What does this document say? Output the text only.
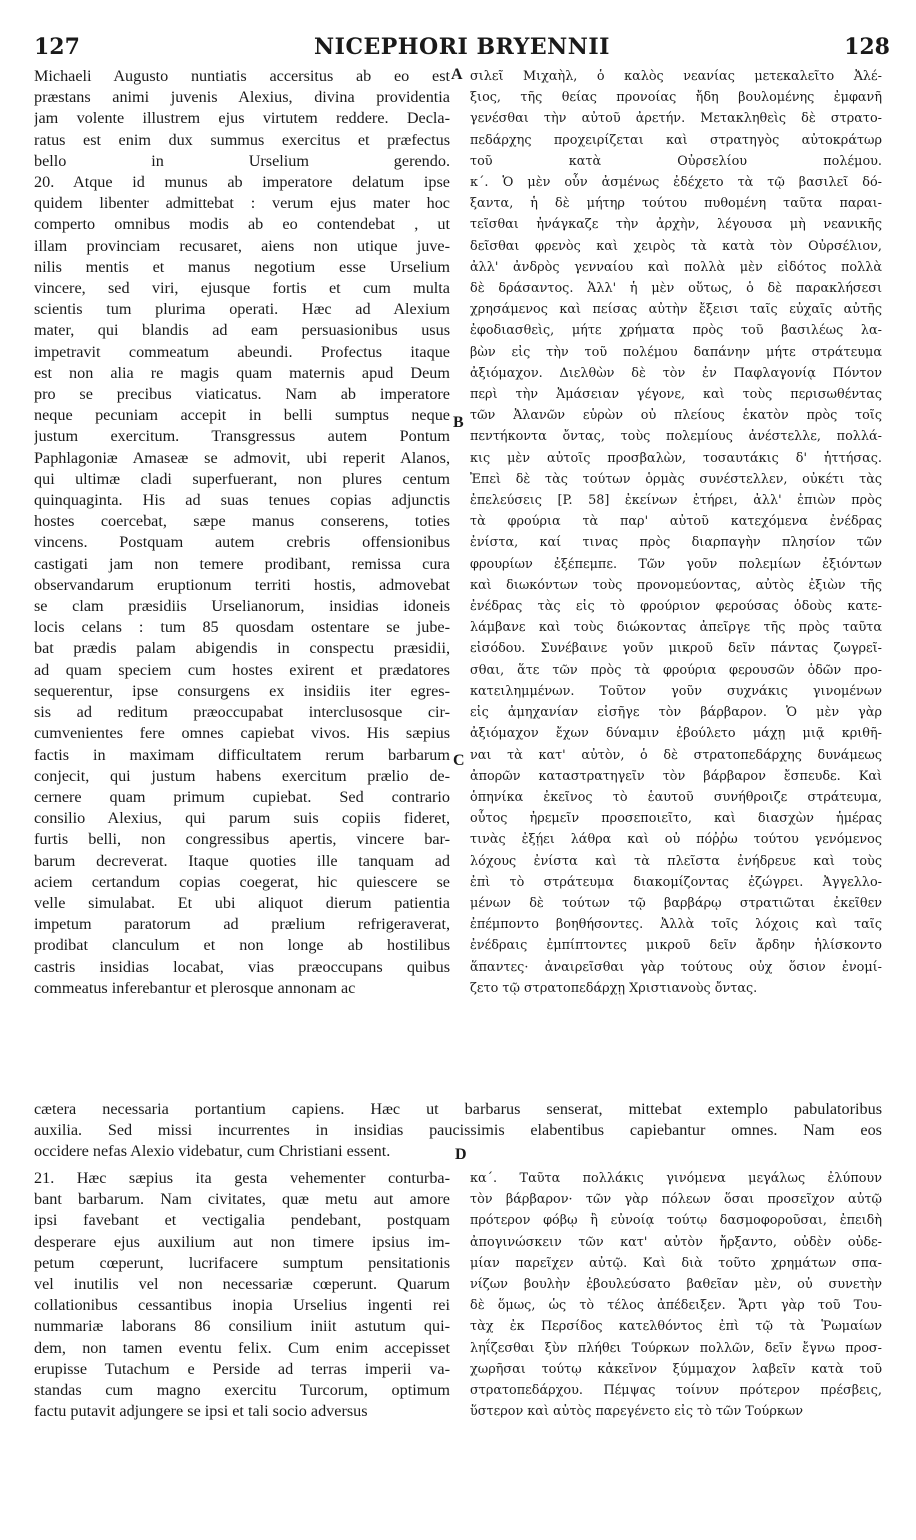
127	NICEPHORI BRYENNII	128
Michaeli Augusto nuntiatis accersitus ab eo est
præstans animi juvenis Alexius, divina providentia
jam volente illustrem ejus virtutem reddere. Decla-
ratus est enim dux summus exercitus et præfectus
bello in Urselium gerendo.
20. Atque id munus ab imperatore delatum ipse
quidem libenter admittebat : verum ejus mater hoc
comperto omnibus modis ab eo contendebat , ut
illam provinciam recusaret, aiens non utique juve-
nilis mentis et manus negotium esse Urselium
vincere, sed viri, ejusque fortis et cum multa
scientis tum plurima operati. Hæc ad Alexium
mater, qui blandis ad eam persuasionibus usus
impetravit commeatum abeundi. Profectus itaque
est non alia re magis quam maternis apud Deum
pro se precibus viaticatus. Nam ab imperatore
neque pecuniam accepit in belli sumptus neque
justum exercitum. Transgressus autem Pontum
Paphlagoniæ Amaseæ se admovit, ubi reperit Alanos,
qui ultimæ cladi superfuerant, non plures centum
quinquaginta. His ad suas tenues copias adjunctis
hostes coercebat, sæpe manus conserens, toties
vincens. Postquam autem crebris offensionibus
castigati jam non temere prodibant, remissa cura
observandarum eruptionum territi hostis, admovebat
se clam præsidiis Urselianorum, insidias idoneis
locis celans : tum 85 quosdam ostentare se jube-
bat prædis palam abigendis in conspectu præsidii,
ad quam speciem cum hostes exirent et prædatores
sequerentur, ipse consurgens ex insidiis iter egres-
sis ad reditum præoccupabat interclusosque cir-
cumvenientes fere omnes capiebat vivos. His sæpius
factis in maximam difficultatem rerum barbarum
conjecit, qui justum habens exercitum prælio de-
cernere quam primum cupiebat. Sed contrario
consilio Alexius, qui parum suis copiis fideret,
furtis belli, non congressibus apertis, vincere bar-
barum decreverat. Itaque quoties ille tanquam ad
aciem certandum copias coegerat, hic quiescere se
velle simulabat. Et ubi aliquot dierum patientia
impetum paratorum ad prælium refrigeraverat,
prodibat clanculum et non longe ab hostilibus
castris insidias locabat, vias præoccupans quibus
commeatus inferebantur et plerosque annonam ac
σιλεῖ Μιχαὴλ, ὁ καλὸς νεανίας μετεκαλεῖτο Ἀλέ-
ξιος, τῆς θείας προνοίας ἤδη βουλομένης ἐμφανῆ
γενέσθαι τὴν αὐτοῦ ἀρετήν. Μετακληθεὶς δὲ στρατο-
πεδάρχης προχειρίζεται καὶ στρατηγὸς αὐτοκράτωρ
τοῦ κατὰ Οὐρσελίου πολέμου.
κ΄. Ὁ μὲν οὖν ἀσμένως ἐδέχετο τὰ τῷ βασιλεῖ δό-
ξαντα, ἡ δὲ μήτηρ τούτου πυθομένη ταῦτα παραι-
τεῖσθαι ἠνάγκαζε τὴν ἀρχὴν, λέγουσα μὴ νεανικῆς
δεῖσθαι φρενὸς καὶ χειρὸς τὰ κατὰ τὸν Οὐρσέλιον,
ἀλλ' ἀνδρὸς γενναίου καὶ πολλὰ μὲν εἰδότος πολλὰ
δὲ δράσαντος. Ἀλλ' ἡ μὲν οὕτως, ὁ δὲ παρακλήσεσι
χρησάμενος καὶ πείσας αὐτὴν ἔξεισι ταῖς εὐχαῖς αὐτῆς
ἐφοδιασθεὶς, μήτε χρήματα πρὸς τοῦ βασιλέως λα-
βὼν εἰς τὴν τοῦ πολέμου δαπάνην μήτε στράτευμα
ἀξιόμαχον. Διελθὼν δὲ τὸν ἐν Παφλαγονίᾳ Πόντον
περὶ τὴν Ἀμάσειαν γέγονε, καὶ τοὺς περισωθέντας
τῶν Ἀλανῶν εὑρὼν οὐ πλείους ἑκατὸν πρὸς τοῖς
πεντήκοντα ὄντας, τοὺς πολεμίους ἀνέστελλε, πολλά-
κις μὲν αὐτοῖς προσβαλὼν, τοσαυτάκις δ' ἡττήσας.
Ἐπεὶ δὲ τὰς τούτων ὁρμὰς συνέστελλεν, οὐκέτι τὰς
ἐπελεύσεις [P. 58] ἐκείνων ἐτήρει, ἀλλ' ἐπιὼν πρὸς
τὰ φρούρια τὰ παρ' αὐτοῦ κατεχόμενα ἐνέδρας
ἐνίστα, καί τινας πρὸς διαρπαγὴν πλησίον τῶν
φρουρίων ἐξέπεμπε. Τῶν γοῦν πολεμίων ἐξιόντων
καὶ διωκόντων τοὺς προνομεύοντας, αὐτὸς ἐξιὼν τῆς
ἐνέδρας τὰς εἰς τὸ φρούριον φερούσας ὁδοὺς κατε-
λάμβανε καὶ τοὺς διώκοντας ἀπεῖργε τῆς πρὸς ταῦτα
εἰσόδου. Συνέβαινε γοῦν μικροῦ δεῖν πάντας ζωγρεῖ-
σθαι, ἅτε τῶν πρὸς τὰ φρούρια φερουσῶν ὁδῶν προ-
κατειλημμένων. Τοῦτον γοῦν συχνάκις γινομένων
εἰς ἀμηχανίαν εἰσῆγε τὸν βάρβαρον. Ὁ μὲν γὰρ
ἀξιόμαχον ἔχων δύναμιν ἐβούλετο μάχῃ μιᾷ κριθῆ-
ναι τὰ κατ' αὐτὸν, ὁ δὲ στρατοπεδάρχης δυνάμεως
ἀπορῶν καταστρατηγεῖν τὸν βάρβαρον ἔσπευδε. Καὶ
ὁπηνίκα ἐκεῖνος τὸ ἑαυτοῦ συνήθροιζε στράτευμα,
οὗτος ἠρεμεῖν προσεποιεῖτο, καὶ διασχὼν ἡμέρας
τινὰς ἐξῄει λάθρα καὶ οὐ πόῤῥω τούτου γενόμενος
λόχους ἐνίστα καὶ τὰ πλεῖστα ἐνήδρευε καὶ τοὺς
ἐπὶ τὸ στράτευμα διακομίζοντας ἐζώγρει. Ἀγγελλο-
μένων δὲ τούτων τῷ βαρβάρῳ στρατιῶται ἐκεῖθεν
ἐπέμποντο βοηθήσοντες. Ἀλλὰ τοῖς λόχοις καὶ ταῖς
ἐνέδραις ἐμπίπτοντες μικροῦ δεῖν ἄρδην ἡλίσκοντο
ἅπαντες· ἀναιρεῖσθαι γὰρ τούτους οὐχ ὅσιον ἐνομί-
ζετο τῷ στρατοπεδάρχῃ Χριστιανοὺς ὄντας.
cætera necessaria portantium capiens. Hæc ut barbarus senserat, mittebat extemplo pabulatoribus
auxilia. Sed missi incurrentes in insidias paucissimis elabentibus capiebantur omnes. Nam eos
occidere nefas Alexio videbatur, cum Christiani essent.
21. Hæc sæpius ita gesta vehementer conturba-
bant barbarum. Nam civitates, quæ metu aut amore
ipsi favebant et vectigalia pendebant, postquam
desperare ejus auxilium aut non timere ipsius im-
petum cœperunt, lucrifacere sumptum pensitationis
vel inutilis vel non necessariæ cœperunt. Quarum
collationibus cessantibus inopia Urselius ingenti rei
nummariæ laborans 86 consilium iniit astutum qui-
dem, non tamen eventu felix. Cum enim accepisset
erupisse Tutachum e Perside ad terras imperii va-
standas cum magno exercitu Turcorum, optimum
factu putavit adjungere se ipsi et tali socio adversus
κα΄. Ταῦτα πολλάκις γινόμενα μεγάλως ἐλύπουν
τὸν βάρβαρον· τῶν γὰρ πόλεων ὅσαι προσεῖχον αὐτῷ
πρότερον φόβῳ ἢ εὐνοίᾳ τούτῳ δασμοφοροῦσαι, ἐπειδὴ
ἀπογινώσκειν τῶν κατ' αὐτὸν ἤρξαντο, οὐδὲν οὐδε-
μίαν παρεῖχεν αὐτῷ. Καὶ διὰ τοῦτο χρημάτων σπα-
νίζων βουλὴν ἐβουλεύσατο βαθεῖαν μὲν, οὐ συνετὴν
δὲ ὅμως, ὡς τὸ τέλος ἀπέδειξεν. Ἄρτι γὰρ τοῦ Του-
τὰχ ἐκ Περσίδος κατελθόντος ἐπὶ τῷ τὰ Ῥωμαίων
ληΐζεσθαι ξὺν πλήθει Τούρκων πολλῶν, δεῖν ἔγνω προσ-
χωρῆσαι τούτῳ κἀκεῖνον ξύμμαχον λαβεῖν κατὰ τοῦ
στρατοπεδάρχου. Πέμψας τοίνυν πρότερον πρέσβεις,
ὕστερον καὶ αὐτὸς παρεγένετο εἰς τὸ τῶν Τούρκων
A
B
C
D
